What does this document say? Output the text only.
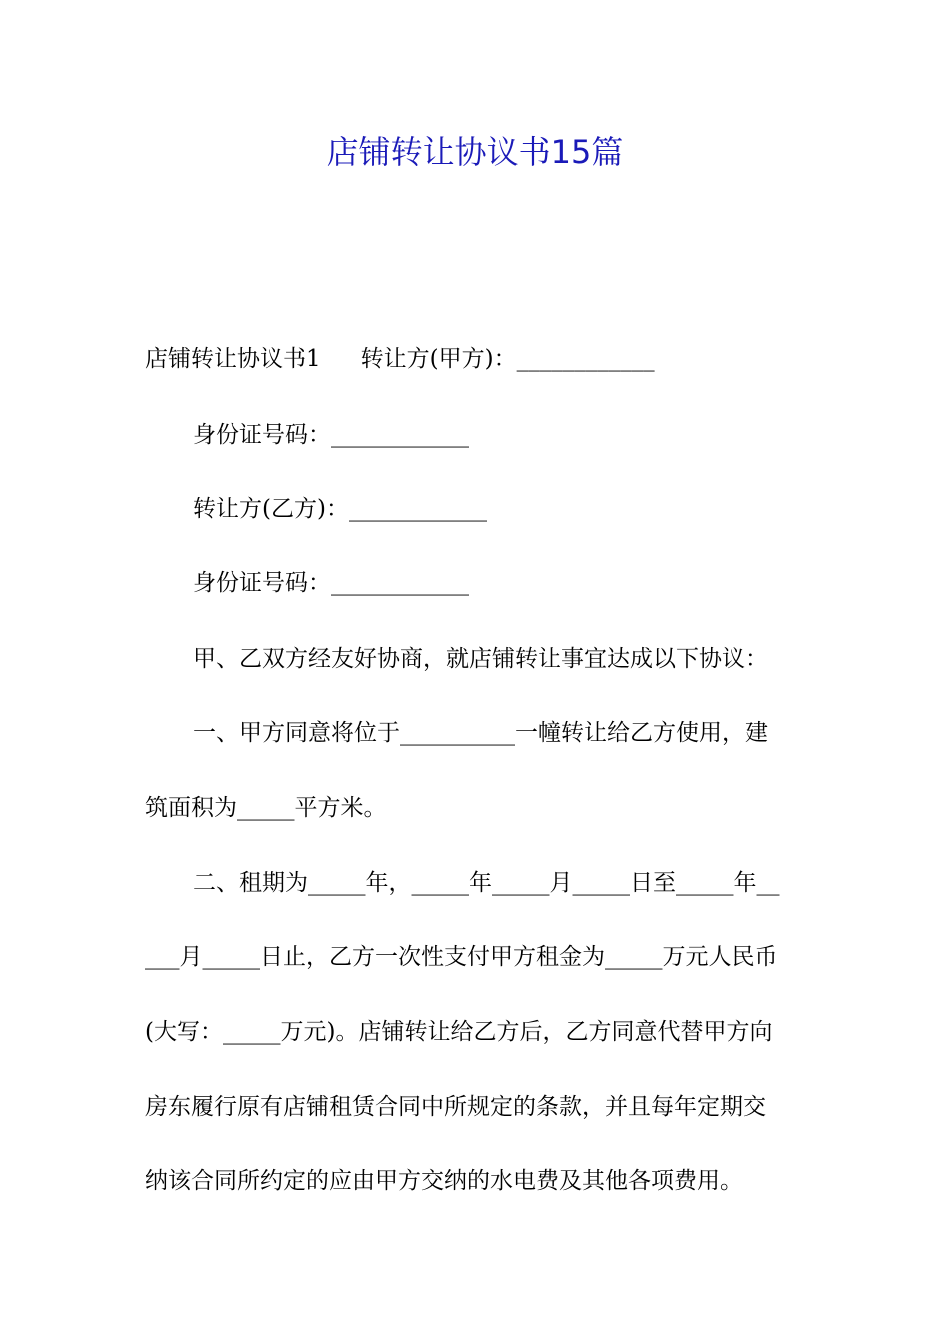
店铺转让协议书15篇

店铺转让协议书1 转让方(甲方)：____________

身份证号码：____________

转让方(乙方)：____________

身份证号码：____________

甲、乙双方经友好协商，就店铺转让事宜达成以下协议：

一、甲方同意将位于__________一幢转让给乙方使用，建

筑面积为_____平方米。

二、租期为_____年，_____年_____月_____日至_____年__

___月_____日止，乙方一次性支付甲方租金为_____万元人民币

(大写：_____万元)。店铺转让给乙方后，乙方同意代替甲方向

房东履行原有店铺租赁合同中所规定的条款，并且每年定期交

纳该合同所约定的应由甲方交纳的水电费及其他各项费用。
